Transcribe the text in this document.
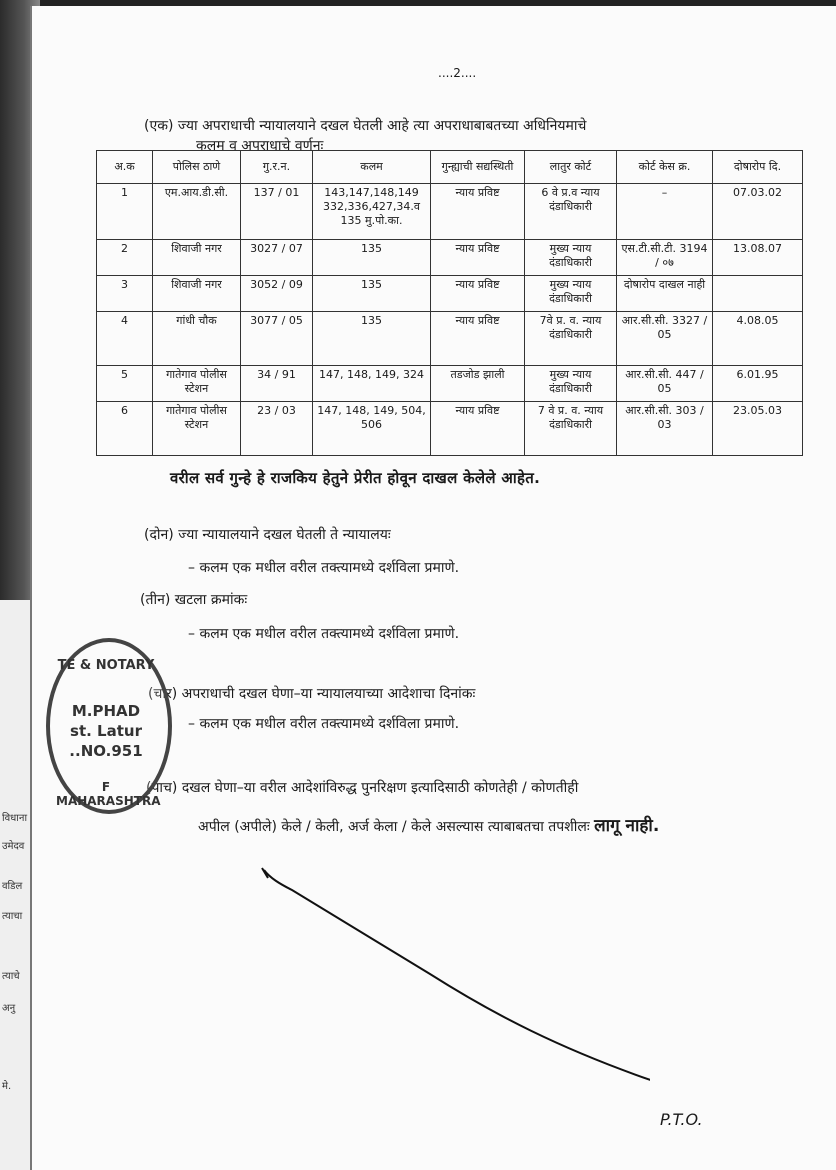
विधाना
उमेदव
वडिल
त्याचा
त्याचे
अनु
मे.
....2....
(एक) ज्या अपराधाची न्यायालयाने दखल घेतली आहे त्या अपराधाबाबतच्या अधिनियमाचे
कलम व अपराधाचे वर्णनः
अ.क	पोलिस ठाणे	गु.र.न.	कलम	गुन्ह्याची सद्यस्थिती	लातुर कोर्ट	कोर्ट केस क्र.	दोषारोप दि.
1	एम.आय.डी.सी.	137 / 01	143,147,148,149 332,336,427,34.व 135 मु.पो.का.	न्याय प्रविष्ट	6 वे प्र.व न्याय दंडाधिकारी	–	07.03.02
2	शिवाजी नगर	3027 / 07	135	न्याय प्रविष्ट	मुख्य न्याय दंडाधिकारी	एस.टी.सी.टी. 3194 / ०७	13.08.07
3	शिवाजी नगर	3052 / 09	135	न्याय प्रविष्ट	मुख्य न्याय दंडाधिकारी	दोषारोप दाखल नाही	
4	गांधी चौक	3077 / 05	135	न्याय प्रविष्ट	7वे प्र. व. न्याय दंडाधिकारी	आर.सी.सी. 3327 / 05	4.08.05
5	गातेगाव पोलीस स्टेशन	34 / 91	147, 148, 149, 324	तडजोड झाली	मुख्य न्याय दंडाधिकारी	आर.सी.सी. 447 / 05	6.01.95
6	गातेगाव पोलीस स्टेशन	23 / 03	147, 148, 149, 504, 506	न्याय प्रविष्ट	7 वे प्र. व. न्याय दंडाधिकारी	आर.सी.सी. 303 / 03	23.05.03
वरील सर्व गुन्हे हे राजकिय हेतुने प्रेरीत होवून दाखल केलेले आहेत.
(दोन) ज्या न्यायालयाने दखल घेतली ते न्यायालयः
– कलम एक मधील वरील तक्त्यामध्ये दर्शविला प्रमाणे.
(तीन) खटला क्रमांकः
– कलम एक मधील वरील तक्त्यामध्ये दर्शविला प्रमाणे.
(चार) अपराधाची दखल घेणा–या न्यायालयाच्या आदेशाचा दिनांकः
– कलम एक मधील वरील तक्त्यामध्ये दर्शविला प्रमाणे.
(पाच) दखल घेणा–या वरील आदेशांविरुद्ध पुनरिक्षण इत्यादिसाठी कोणतेही / कोणतीही
अपील (अपीले) केले / केली, अर्ज केला / केले असल्यास त्याबाबतचा तपशीलः लागू नाही.
TE & NOTARY
M.PHAD
st. Latur
..NO.951
F MAHARASHTRA
P.T.O.
